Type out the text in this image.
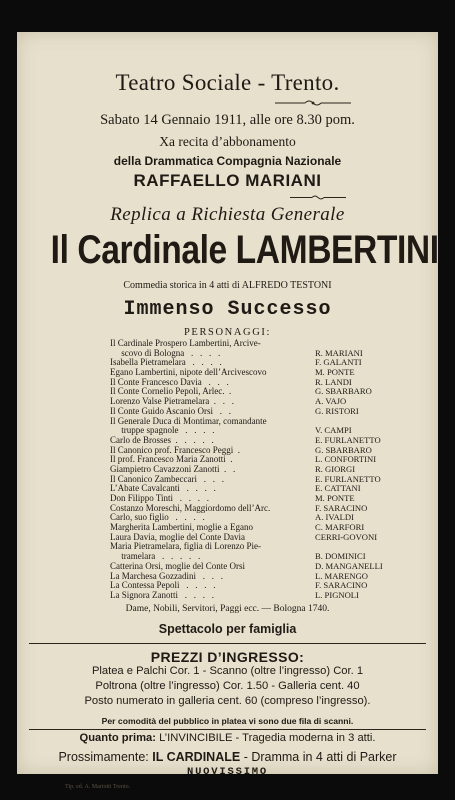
Teatro Sociale - Trento.
Sabato 14 Gennaio 1911, alle ore 8.30 pom.
Xa recita d’abbonamento
della Drammatica Compagnia Nazionale
RAFFAELLO MARIANI
Replica a Richiesta Generale
Il Cardinale LAMBERTINI
Commedia storica in 4 atti di ALFREDO TESTONI
Immenso Successo
PERSONAGGI:
Il Cardinale Prospero Lambertini, Arcive-
scovo di Bologna   .   .   .   .	R. MARIANI
Isabella Pietramelara   .   .   .   .	F. GALANTI
Egano Lambertini, nipote dell’Arcivescovo	M. PONTE
Il Conte Francesco Davia   .   .   .	R. LANDI
Il Conte Cornelio Pepoli, Arlec.  .	G. SBARBARO
Lorenzo Valse Pietramelara  .   .   .	A. VAJO
Il Conte Guido Ascanio Orsi   .   .	G. RISTORI
Il Generale Duca di Montimar, comandante
truppe spagnole   .   .   .   .	V. CAMPI
Carlo de Brosses  .   .   .   .   .	E. FURLANETTO
Il Canonico prof. Francesco Peggi  .	G. SBARBARO
Il prof. Francesco Maria Zanotti  .	L. CONFORTINI
Giampietro Cavazzoni Zanotti  .   .	R. GIORGI
Il Canonico Zambeccari   .   .   .	E. FURLANETTO
L’Abate Cavalcanti   .   .   .   .	E. CATTANI
Don Filippo Tinti   .   .   .   .	M. PONTE
Costanzo Moreschi, Maggiordomo dell’Arc.	F. SARACINO
Carlo, suo figlio   .   .   .   .	A. IVALDI
Margherita Lambertini, moglie a Egano	C. MARFORI
Laura Davia, moglie del Conte Davia	CERRI-GOVONI
Maria Pietramelara, figlia di Lorenzo Pie-
tramelara   .   .   .   .   .	B. DOMINICI
Catterina Orsi, moglie del Conte Orsi	D. MANGANELLI
La Marchesa Gozzadini   .   .   .	L. MARENGO
La Contessa Pepoli   .   .   .   .	F. SARACINO
La Signora Zanotti   .   .   .   .	L. PIGNOLI
Dame, Nobili, Servitori, Paggi ecc. — Bologna 1740.
Spettacolo per famiglia
PREZZI D’INGRESSO:
Platea e Palchi Cor. 1 - Scanno (oltre l’ingresso) Cor. 1
Poltrona (oltre l’ingresso) Cor. 1.50 - Galleria cent. 40
Posto numerato in galleria cent. 60 (compreso l’ingresso).
Per comodità del pubblico in platea vi sono due fila di scanni.
Quanto prima: L’INVINCIBILE - Tragedia moderna in 3 atti.
Prossimamente: IL CARDINALE - Dramma in 4 atti di Parker
NUOVISSIMO
Tip. ed. A. Mariotti Trento.
